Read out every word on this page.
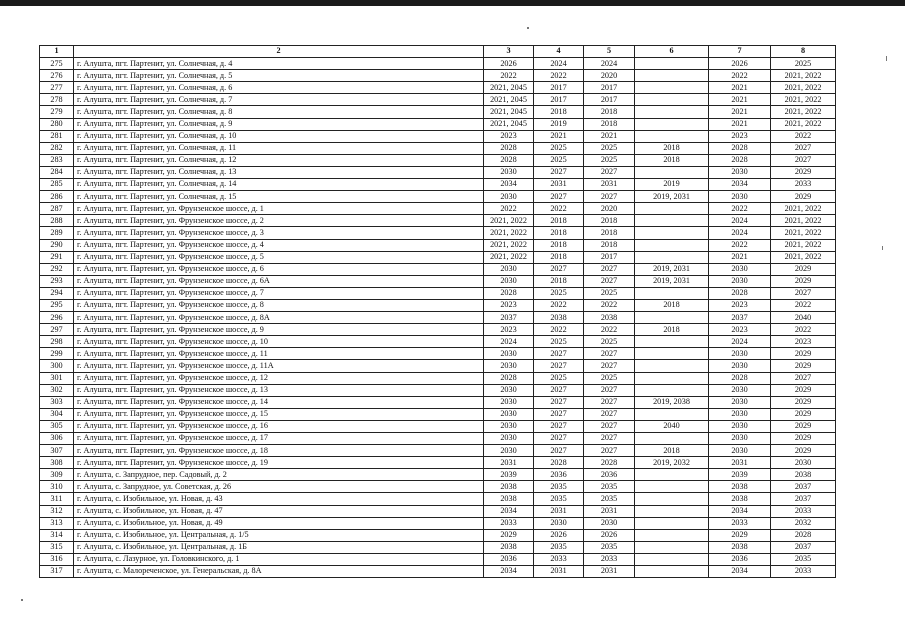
1	2	3	4	5	6	7	8
275	г. Алушта, пгт. Партенит, ул. Солнечная, д. 4	2026	2024	2024		2026	2025
276	г. Алушта, пгт. Партенит, ул. Солнечная, д. 5	2022	2022	2020		2022	2021, 2022
277	г. Алушта, пгт. Партенит, ул. Солнечная, д. 6	2021, 2045	2017	2017		2021	2021, 2022
278	г. Алушта, пгт. Партенит, ул. Солнечная, д. 7	2021, 2045	2017	2017		2021	2021, 2022
279	г. Алушта, пгт. Партенит, ул. Солнечная, д. 8	2021, 2045	2018	2018		2021	2021, 2022
280	г. Алушта, пгт. Партенит, ул. Солнечная, д. 9	2021, 2045	2019	2018		2021	2021, 2022
281	г. Алушта, пгт. Партенит, ул. Солнечная, д. 10	2023	2021	2021		2023	2022
282	г. Алушта, пгт. Партенит, ул. Солнечная, д. 11	2028	2025	2025	2018	2028	2027
283	г. Алушта, пгт. Партенит, ул. Солнечная, д. 12	2028	2025	2025	2018	2028	2027
284	г. Алушта, пгт. Партенит, ул. Солнечная, д. 13	2030	2027	2027		2030	2029
285	г. Алушта, пгт. Партенит, ул. Солнечная, д. 14	2034	2031	2031	2019	2034	2033
286	г. Алушта, пгт. Партенит, ул. Солнечная, д. 15	2030	2027	2027	2019, 2031	2030	2029
287	г. Алушта, пгт. Партенит, ул. Фрунзенское шоссе, д. 1	2022	2022	2020		2022	2021, 2022
288	г. Алушта, пгт. Партенит, ул. Фрунзенское шоссе, д. 2	2021, 2022	2018	2018		2024	2021, 2022
289	г. Алушта, пгт. Партенит, ул. Фрунзенское шоссе, д. 3	2021, 2022	2018	2018		2024	2021, 2022
290	г. Алушта, пгт. Партенит, ул. Фрунзенское шоссе, д. 4	2021, 2022	2018	2018		2022	2021, 2022
291	г. Алушта, пгт. Партенит, ул. Фрунзенское шоссе, д. 5	2021, 2022	2018	2017		2021	2021, 2022
292	г. Алушта, пгт. Партенит, ул. Фрунзенское шоссе, д. 6	2030	2027	2027	2019, 2031	2030	2029
293	г. Алушта, пгт. Партенит, ул. Фрунзенское шоссе, д. 6А	2030	2018	2027	2019, 2031	2030	2029
294	г. Алушта, пгт. Партенит, ул. Фрунзенское шоссе, д. 7	2028	2025	2025		2028	2027
295	г. Алушта, пгт. Партенит, ул. Фрунзенское шоссе, д. 8	2023	2022	2022	2018	2023	2022
296	г. Алушта, пгт. Партенит, ул. Фрунзенское шоссе, д. 8А	2037	2038	2038		2037	2040
297	г. Алушта, пгт. Партенит, ул. Фрунзенское шоссе, д. 9	2023	2022	2022	2018	2023	2022
298	г. Алушта, пгт. Партенит, ул. Фрунзенское шоссе, д. 10	2024	2025	2025		2024	2023
299	г. Алушта, пгт. Партенит, ул. Фрунзенское шоссе, д. 11	2030	2027	2027		2030	2029
300	г. Алушта, пгт. Партенит, ул. Фрунзенское шоссе, д. 11А	2030	2027	2027		2030	2029
301	г. Алушта, пгт. Партенит, ул. Фрунзенское шоссе, д. 12	2028	2025	2025		2028	2027
302	г. Алушта, пгт. Партенит, ул. Фрунзенское шоссе, д. 13	2030	2027	2027		2030	2029
303	г. Алушта, пгт. Партенит, ул. Фрунзенское шоссе, д. 14	2030	2027	2027	2019, 2038	2030	2029
304	г. Алушта, пгт. Партенит, ул. Фрунзенское шоссе, д. 15	2030	2027	2027		2030	2029
305	г. Алушта, пгт. Партенит, ул. Фрунзенское шоссе, д. 16	2030	2027	2027	2040	2030	2029
306	г. Алушта, пгт. Партенит, ул. Фрунзенское шоссе, д. 17	2030	2027	2027		2030	2029
307	г. Алушта, пгт. Партенит, ул. Фрунзенское шоссе, д. 18	2030	2027	2027	2018	2030	2029
308	г. Алушта, пгт. Партенит, ул. Фрунзенское шоссе, д. 19	2031	2028	2028	2019, 2032	2031	2030
309	г. Алушта, с. Запрудное, пер. Садовый, д. 2	2039	2036	2036		2039	2038
310	г. Алушта, с. Запрудное, ул. Советская, д. 26	2038	2035	2035		2038	2037
311	г. Алушта, с. Изобильное, ул. Новая, д. 43	2038	2035	2035		2038	2037
312	г. Алушта, с. Изобильное, ул. Новая, д. 47	2034	2031	2031		2034	2033
313	г. Алушта, с. Изобильное, ул. Новая, д. 49	2033	2030	2030		2033	2032
314	г. Алушта, с. Изобильное, ул. Центральная, д. 1/5	2029	2026	2026		2029	2028
315	г. Алушта, с. Изобильное, ул. Центральная, д. 1Б	2038	2035	2035		2038	2037
316	г. Алушта, с. Лазурное, ул. Головкинского, д. 1	2036	2033	2033		2036	2035
317	г. Алушта, с. Малореченское, ул. Генеральская, д. 8А	2034	2031	2031		2034	2033
